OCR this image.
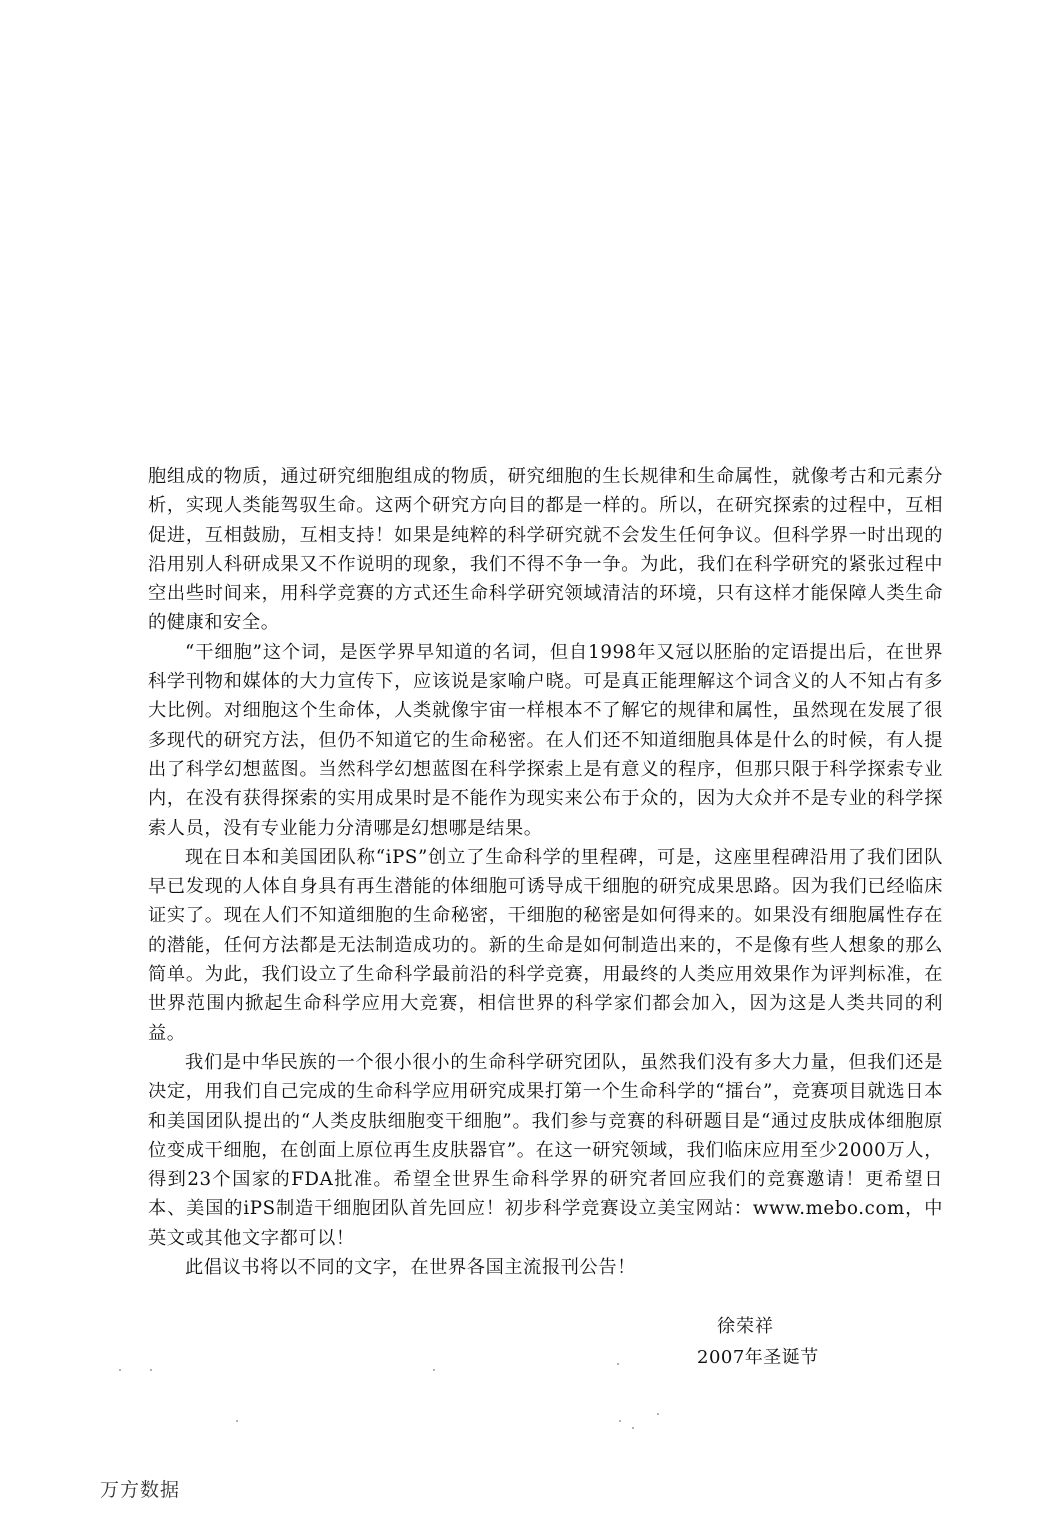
胞组成的物质，通过研究细胞组成的物质，研究细胞的生长规律和生命属性，就像考古和元素分析，实现人类能驾驭生命。这两个研究方向目的都是一样的。所以，在研究探索的过程中，互相促进，互相鼓励，互相支持！如果是纯粹的科学研究就不会发生任何争议。但科学界一时出现的沿用别人科研成果又不作说明的现象，我们不得不争一争。为此，我们在科学研究的紧张过程中空出些时间来，用科学竞赛的方式还生命科学研究领域清洁的环境，只有这样才能保障人类生命的健康和安全。

“干细胞”这个词，是医学界早知道的名词，但自1998年又冠以胚胎的定语提出后，在世界科学刊物和媒体的大力宣传下，应该说是家喻户晓。可是真正能理解这个词含义的人不知占有多大比例。对细胞这个生命体，人类就像宇宙一样根本不了解它的规律和属性，虽然现在发展了很多现代的研究方法，但仍不知道它的生命秘密。在人们还不知道细胞具体是什么的时候，有人提出了科学幻想蓝图。当然科学幻想蓝图在科学探索上是有意义的程序，但那只限于科学探索专业内，在没有获得探索的实用成果时是不能作为现实来公布于众的，因为大众并不是专业的科学探索人员，没有专业能力分清哪是幻想哪是结果。

现在日本和美国团队称“iPS”创立了生命科学的里程碑，可是，这座里程碑沿用了我们团队早已发现的人体自身具有再生潜能的体细胞可诱导成干细胞的研究成果思路。因为我们已经临床证实了。现在人们不知道细胞的生命秘密，干细胞的秘密是如何得来的。如果没有细胞属性存在的潜能，任何方法都是无法制造成功的。新的生命是如何制造出来的，不是像有些人想象的那么简单。为此，我们设立了生命科学最前沿的科学竞赛，用最终的人类应用效果作为评判标准，在世界范围内掀起生命科学应用大竞赛，相信世界的科学家们都会加入，因为这是人类共同的利益。

我们是中华民族的一个很小很小的生命科学研究团队，虽然我们没有多大力量，但我们还是决定，用我们自己完成的生命科学应用研究成果打第一个生命科学的“擂台”，竞赛项目就选日本和美国团队提出的“人类皮肤细胞变干细胞”。我们参与竞赛的科研题目是“通过皮肤成体细胞原位变成干细胞，在创面上原位再生皮肤器官”。在这一研究领域，我们临床应用至少2000万人，得到23个国家的FDA批准。希望全世界生命科学界的研究者回应我们的竞赛邀请！更希望日本、美国的iPS制造干细胞团队首先回应！初步科学竞赛设立美宝网站：www.mebo.com，中英文或其他文字都可以！

此倡议书将以不同的文字，在世界各国主流报刊公告！

徐荣祥
2007年圣诞节
万方数据
